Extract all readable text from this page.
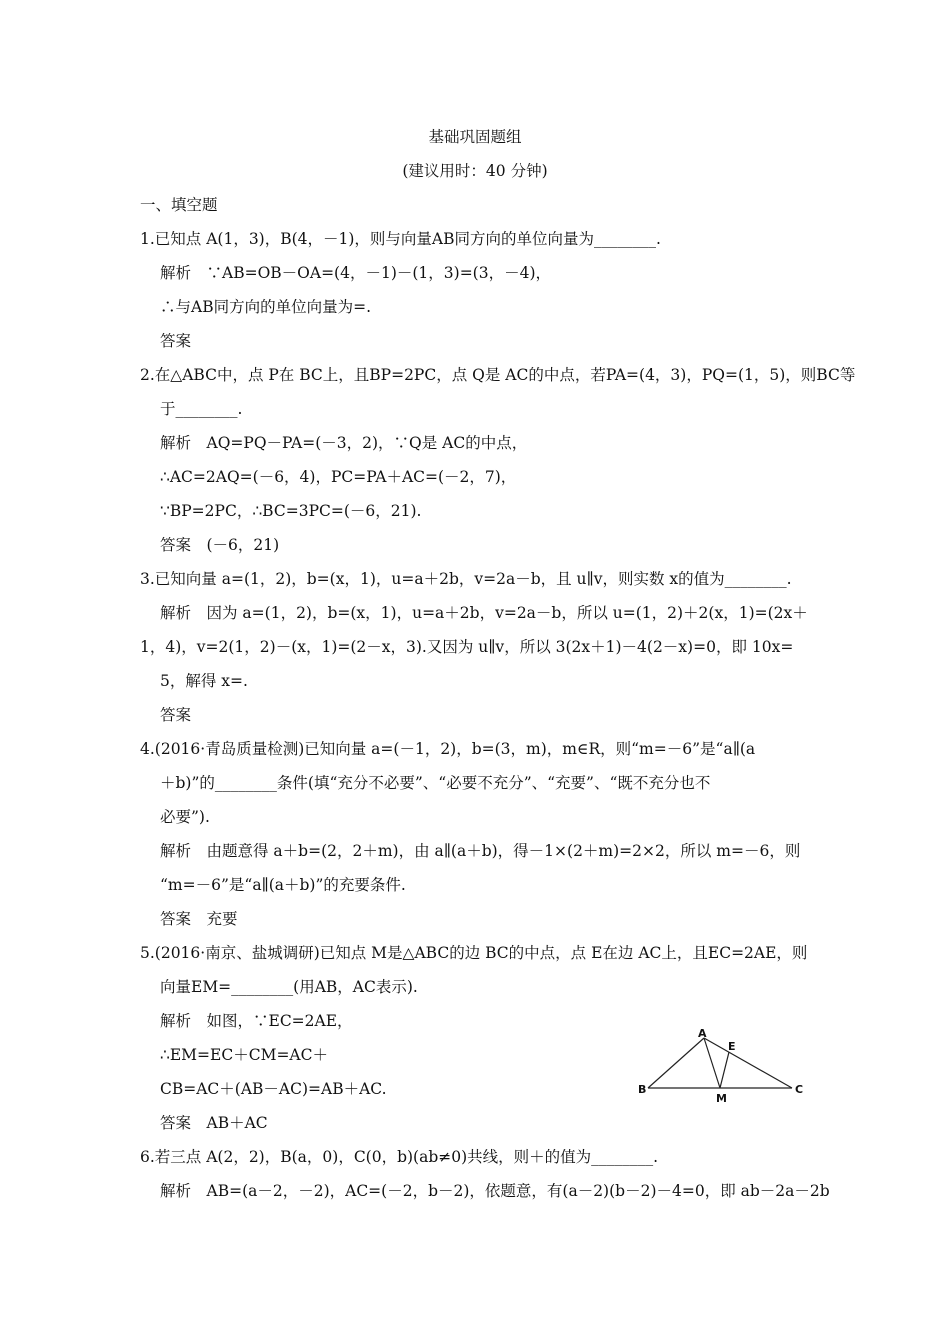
基础巩固题组
(建议用时：40 分钟)
一、填空题
1.已知点 A(1，3)，B(4，－1)，则与向量AB同方向的单位向量为________.
解析　∵AB=OB－OA=(4，－1)－(1，3)=(3，－4)，
∴与AB同方向的单位向量为=.
答案
2.在△ABC中，点 P在 BC上，且BP=2PC，点 Q是 AC的中点，若PA=(4，3)，PQ=(1，5)，则BC等
于________.
解析　AQ=PQ－PA=(－3，2)，∵Q是 AC的中点，
∴AC=2AQ=(－6，4)，PC=PA＋AC=(－2，7)，
∵BP=2PC，∴BC=3PC=(－6，21).
答案　(－6，21)
3.已知向量 a=(1，2)，b=(x，1)，u=a＋2b，v=2a－b，且 u∥v，则实数 x的值为________.
解析　因为 a=(1，2)，b=(x，1)，u=a＋2b，v=2a－b，所以 u=(1，2)＋2(x，1)=(2x＋
1，4)，v=2(1，2)－(x，1)=(2－x，3).又因为 u∥v，所以 3(2x＋1)－4(2－x)=0，即 10x=
5，解得 x=.
答案
4.(2016·青岛质量检测)已知向量 a=(－1，2)，b=(3，m)，m∈R，则“m=－6”是“a∥(a
＋b)”的________条件(填“充分不必要”、“必要不充分”、“充要”、“既不充分也不
必要”).
解析　由题意得 a＋b=(2，2＋m)，由 a∥(a＋b)，得－1×(2＋m)=2×2，所以 m=－6，则
“m=－6”是“a∥(a＋b)”的充要条件.
答案　充要
5.(2016·南京、盐城调研)已知点 M是△ABC的边 BC的中点，点 E在边 AC上，且EC=2AE，则
向量EM=________(用AB，AC表示).
解析　如图，∵EC=2AE，
∴EM=EC＋CM=AC＋
CB=AC＋(AB－AC)=AB＋AC.
答案　AB＋AC
6.若三点 A(2，2)，B(a，0)，C(0，b)(ab≠0)共线，则＋的值为________.
解析　AB=(a－2，－2)，AC=(－2，b－2)，依题意，有(a－2)(b－2)－4=0，即 ab－2a－2b
A
E
B
M
C
